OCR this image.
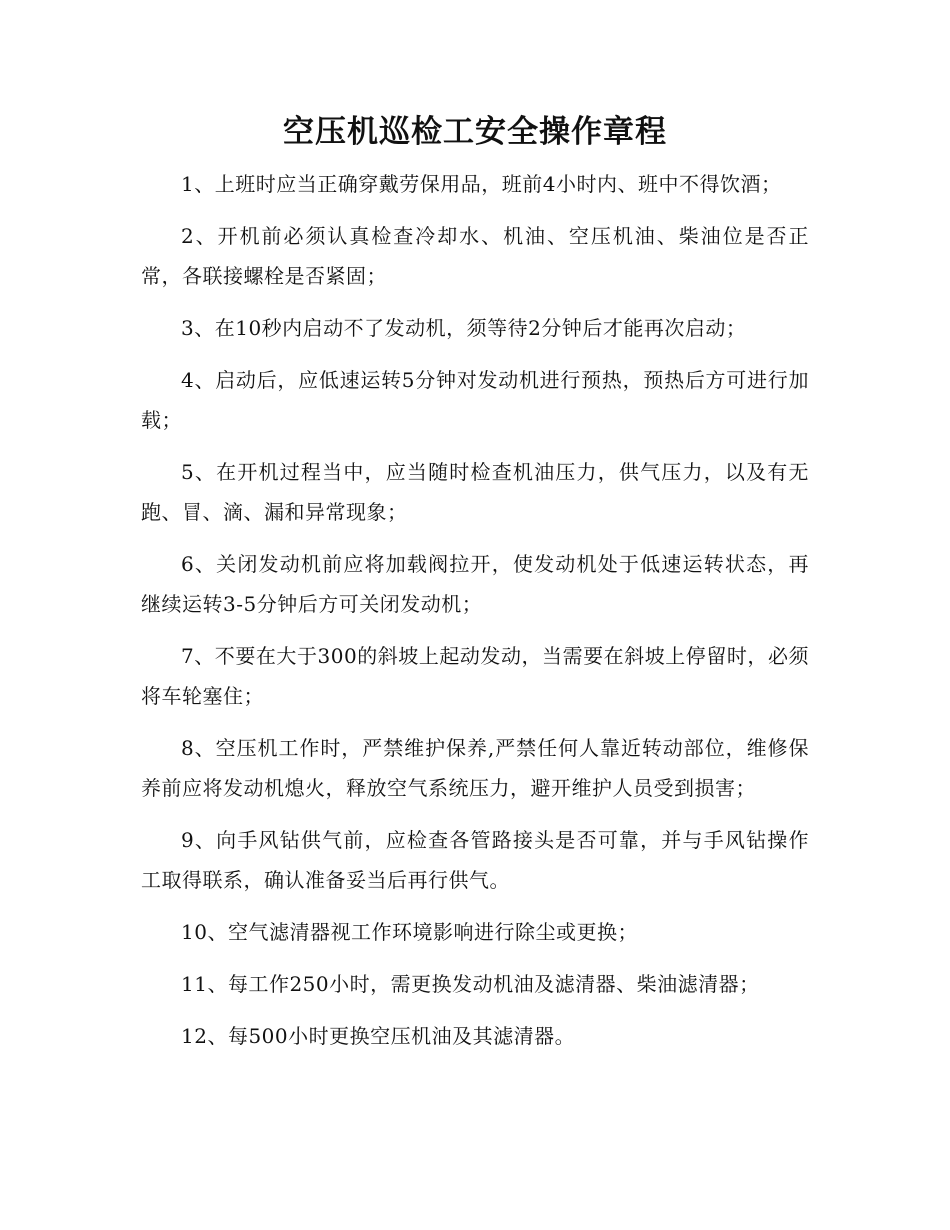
空压机巡检工安全操作章程

1、上班时应当正确穿戴劳保用品，班前4小时内、班中不得饮酒；

2、开机前必须认真检查冷却水、机油、空压机油、柴油位是否正常，各联接螺栓是否紧固；

3、在10秒内启动不了发动机，须等待2分钟后才能再次启动；

4、启动后，应低速运转5分钟对发动机进行预热，预热后方可进行加载；

5、在开机过程当中，应当随时检查机油压力，供气压力，以及有无跑、冒、滴、漏和异常现象；

6、关闭发动机前应将加载阀拉开，使发动机处于低速运转状态，再继续运转3-5分钟后方可关闭发动机；

7、不要在大于300的斜坡上起动发动，当需要在斜坡上停留时，必须将车轮塞住；

8、空压机工作时，严禁维护保养,严禁任何人靠近转动部位，维修保养前应将发动机熄火，释放空气系统压力，避开维护人员受到损害；

9、向手风钻供气前，应检查各管路接头是否可靠，并与手风钻操作工取得联系，确认准备妥当后再行供气。

10、空气滤清器视工作环境影响进行除尘或更换；

11、每工作250小时，需更换发动机油及滤清器、柴油滤清器；

12、每500小时更换空压机油及其滤清器。
